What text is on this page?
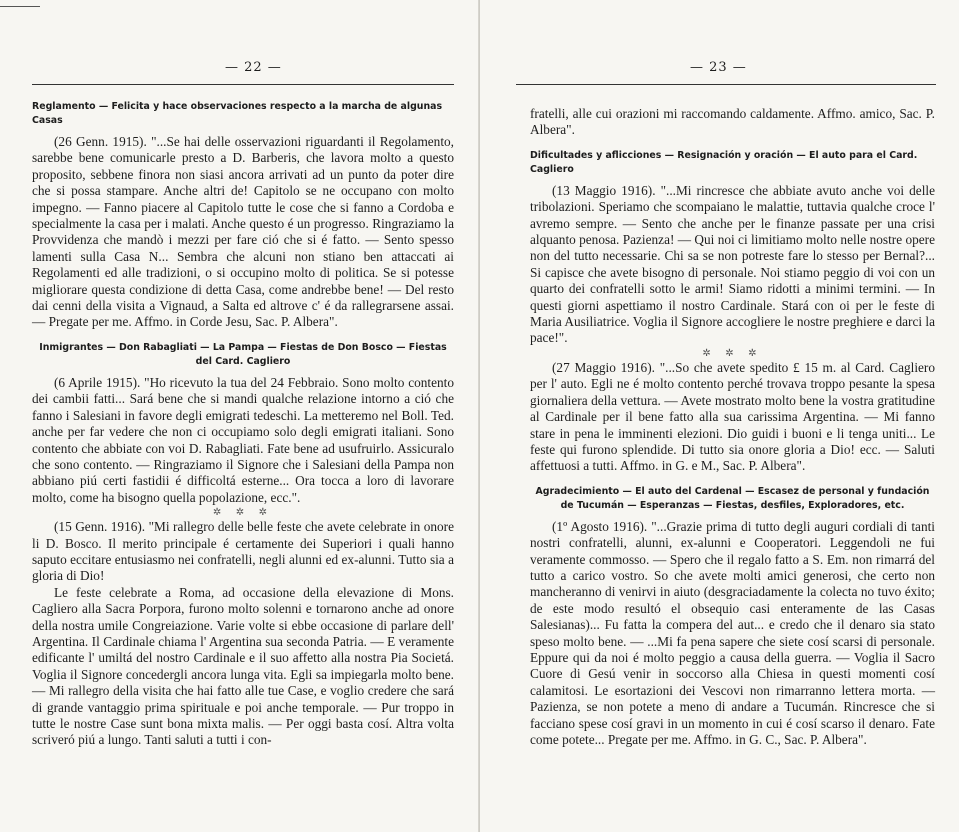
— 22 —

Reglamento — Felicita y hace observaciones respecto a la marcha de algunas Casas

(26 Genn. 1915). "...Se hai delle osservazioni riguardanti il Regolamento, sarebbe bene comunicarle presto a D. Barberis, che lavora molto a questo proposito, sebbene finora non siasi ancora arrivati ad un punto da poter dire che si possa stampare. Anche altri de! Capitolo se ne occupano con molto impegno. — Fanno piacere al Capitolo tutte le cose che si fanno a Cordoba e specialmente la casa per i malati. Anche questo é un progresso. Ringraziamo la Provvidenza che mandò i mezzi per fare ció che si é fatto. — Sento spesso lamenti sulla Casa N... Sembra che alcuni non stiano ben attaccati ai Regolamenti ed alle tradizioni, o si occupino molto di politica. Se si potesse migliorare questa condizione di detta Casa, come andrebbe bene! — Del resto dai cenni della visita a Vignaud, a Salta ed altrove c' é da rallegrarsene assai. — Pregate per me. Affmo. in Corde Jesu, Sac. P. Albera".

Inmigrantes — Don Rabagliati — La Pampa — Fiestas de Don Bosco — Fiestas del Card. Cagliero

(6 Aprile 1915). "Ho ricevuto la tua del 24 Febbraio. Sono molto contento dei cambii fatti... Sará bene che si mandi qualche relazione intorno a ció che fanno i Salesiani in favore degli emigrati tedeschi. La metteremo nel Boll. Ted. anche per far vedere che non ci occupiamo solo degli emigrati italiani. Sono contento che abbiate con voi D. Rabagliati. Fate bene ad usufruirlo. Assicuralo che sono contento. — Ringraziamo il Signore che i Salesiani della Pampa non abbiano piú certi fastidii é difficoltá esterne... Ora tocca a loro di lavorare molto, come ha bisogno quella popolazione, ecc.".

✲ ✲ ✲

(15 Genn. 1916). "Mi rallegro delle belle feste che avete celebrate in onore li D. Bosco. Il merito principale é certamente dei Superiori i quali hanno saputo eccitare entusiasmo nei confratelli, negli alunni ed ex-alunni. Tutto sia a gloria di Dio!

Le feste celebrate a Roma, ad occasione della elevazione di Mons. Cagliero alla Sacra Porpora, furono molto solenni e tornarono anche ad onore della nostra umile Congreiazione. Varie volte si ebbe occasione di parlare dell' Argentina. Il Cardinale chiama l' Argentina sua seconda Patria. — E veramente edificante l' umiltá del nostro Cardinale e il suo affetto alla nostra Pia Societá. Voglia il Signore concedergli ancora lunga vita. Egli sa impiegarla molto bene. — Mi rallegro della visita che hai fatto alle tue Case, e voglio credere che sará di grande vantaggio prima spirituale e poi anche temporale. — Pur troppo in tutte le nostre Case sunt bona mixta malis. — Per oggi basta cosí. Altra volta scriveró piú a lungo. Tanti saluti a tutti i con-

— 23 —

fratelli, alle cui orazioni mi raccomando caldamente. Affmo. amico, Sac. P. Albera".

Dificultades y aflicciones — Resignación y oración — El auto para el Card. Cagliero

(13 Maggio 1916). "...Mi rincresce che abbiate avuto anche voi delle tribolazioni. Speriamo che scompaiano le malattie, tuttavia qualche croce l' avremo sempre. — Sento che anche per le finanze passate per una crisi alquanto penosa. Pazienza! — Qui noi ci limitiamo molto nelle nostre opere non del tutto necessarie. Chi sa se non potreste fare lo stesso per Bernal?... Si capisce che avete bisogno di personale. Noi stiamo peggio di voi con un quarto dei confratelli sotto le armi! Siamo ridotti a minimi termini. — In questi giorni aspettiamo il nostro Cardinale. Stará con oi per le feste di Maria Ausiliatrice. Voglia il Signore accogliere le nostre preghiere e darci la pace!".

✲ ✲ ✲

(27 Maggio 1916). "...So che avete spedito £ 15 m. al Card. Cagliero per l' auto. Egli ne é molto contento perché trovava troppo pesante la spesa giornaliera della vettura. — Avete mostrato molto bene la vostra gratitudine al Cardinale per il bene fatto alla sua carissima Argentina. — Mi fanno stare in pena le imminenti elezioni. Dio guidi i buoni e li tenga uniti... Le feste qui furono splendide. Di tutto sia onore gloria a Dio! ecc. — Saluti affettuosi a tutti. Affmo. in G. e M., Sac. P. Albera".

Agradecimiento — El auto del Cardenal — Escasez de personal y fundación de Tucumán — Esperanzas — Fiestas, desfiles, Exploradores, etc.

(1º Agosto 1916). "...Grazie prima di tutto degli auguri cordiali di tanti nostri confratelli, alunni, ex-alunni e Cooperatori. Leggendoli ne fui veramente commosso. — Spero che il regalo fatto a S. Em. non rimarrá del tutto a carico vostro. So che avete molti amici generosi, che certo non mancheranno di venirvi in aiuto (desgraciadamente la colecta no tuvo éxito; de este modo resultó el obsequio casi enteramente de las Casas Salesianas)... Fu fatta la compera del aut... e credo che il denaro sia stato speso molto bene. — ...Mi fa pena sapere che siete cosí scarsi di personale. Eppure qui da noi é molto peggio a causa della guerra. — Voglia il Sacro Cuore di Gesú venir in soccorso alla Chiesa in questi momenti cosí calamitosi. Le esortazioni dei Vescovi non rimarranno lettera morta. — Pazienza, se non potete a meno di andare a Tucumán. Rincresce che si facciano spese cosí gravi in un momento in cui é cosí scarso il denaro. Fate come potete... Pregate per me. Affmo. in G. C., Sac. P. Albera".
